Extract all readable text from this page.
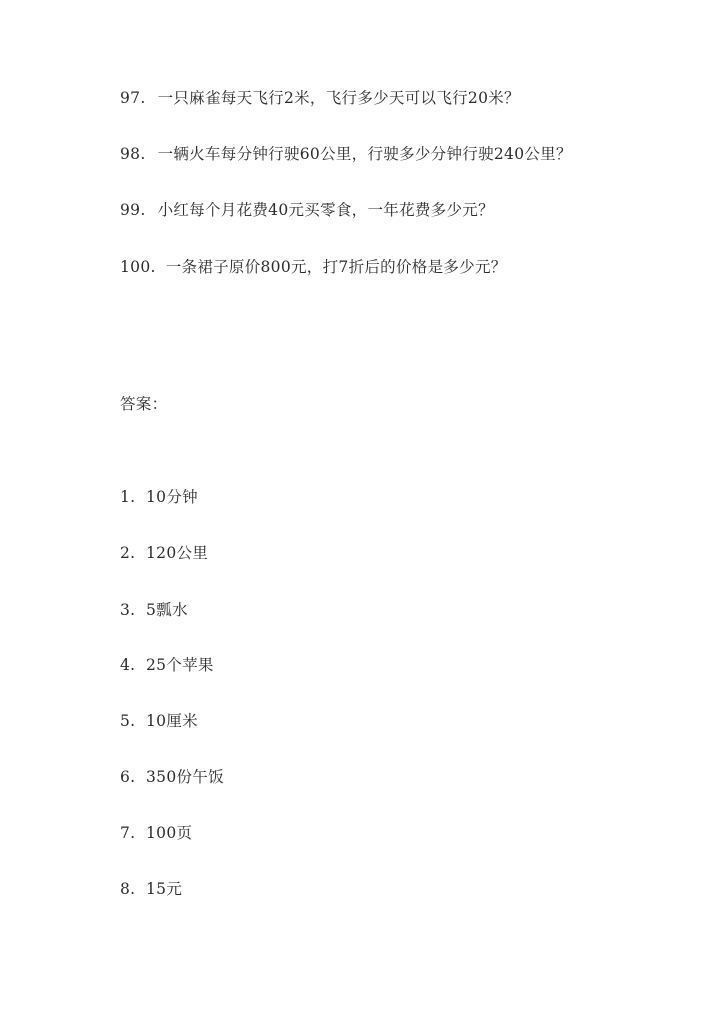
97. 一只麻雀每天飞行2米，飞行多少天可以飞行20米？
98. 一辆火车每分钟行驶60公里，行驶多少分钟行驶240公里？
99. 小红每个月花费40元买零食，一年花费多少元？
100. 一条裙子原价800元，打7折后的价格是多少元？
答案：
1. 10分钟
2. 120公里
3. 5瓢水
4. 25个苹果
5. 10厘米
6. 350份午饭
7. 100页
8. 15元
